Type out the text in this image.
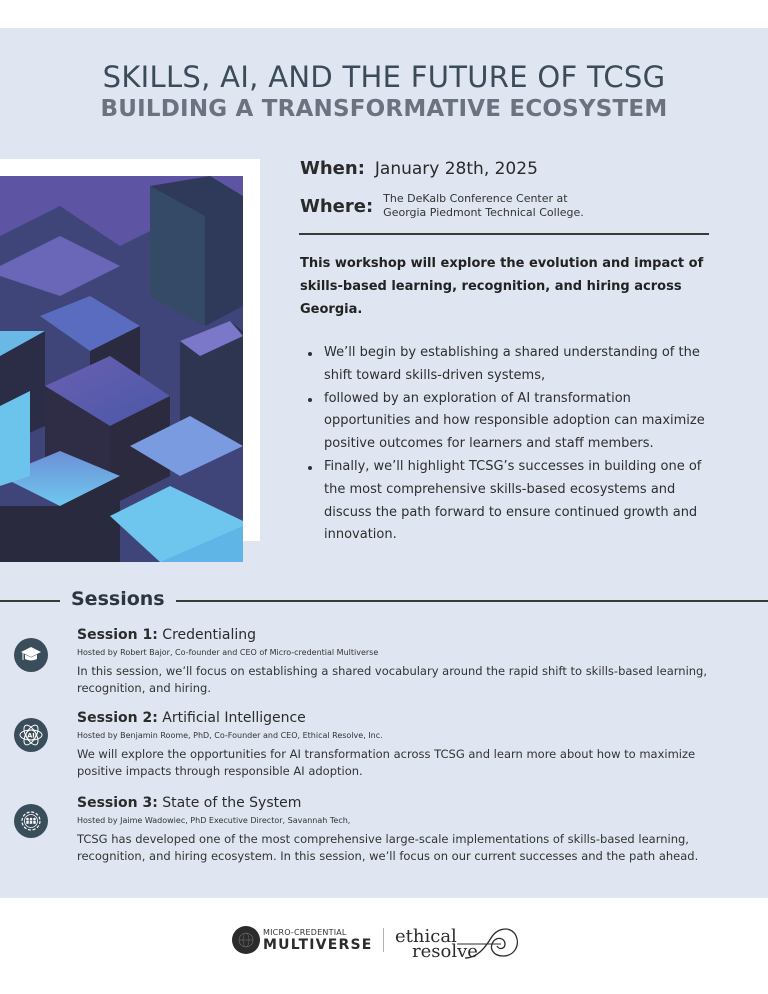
SKILLS, AI, AND THE FUTURE OF TCSG
BUILDING A TRANSFORMATIVE ECOSYSTEM
When: January 28th, 2025
Where: The DeKalb Conference Center at
Georgia Piedmont Technical College.

This workshop will explore the evolution and impact of skills-based learning, recognition, and hiring across Georgia.

We’ll begin by establishing a shared understanding of the shift toward skills-driven systems,
followed by an exploration of AI transformation opportunities and how responsible adoption can maximize positive outcomes for learners and staff members.
Finally, we’ll highlight TCSG’s successes in building one of the most comprehensive skills-based ecosystems and discuss the path forward to ensure continued growth and innovation.
Sessions
Session 1: Credentialing
Hosted by Robert Bajor, Co-founder and CEO of Micro-credential Multiverse
In this session, we’ll focus on establishing a shared vocabulary around the rapid shift to skills-based learning, recognition, and hiring.
AI
Session 2: Artificial Intelligence
Hosted by Benjamin Roome, PhD, Co-Founder and CEO, Ethical Resolve, Inc.
We will explore the opportunities for AI transformation across TCSG and learn more about how to maximize positive impacts through responsible AI adoption.
Session 3: State of the System
Hosted by Jaime Wadowiec, PhD Executive Director, Savannah Tech,
TCSG has developed one of the most comprehensive large-scale implementations of skills-based learning, recognition, and hiring ecosystem. In this session, we’ll focus on our current successes and the path ahead.
MICRO-CREDENTIAL
MULTIVERSE ethical
resolve
